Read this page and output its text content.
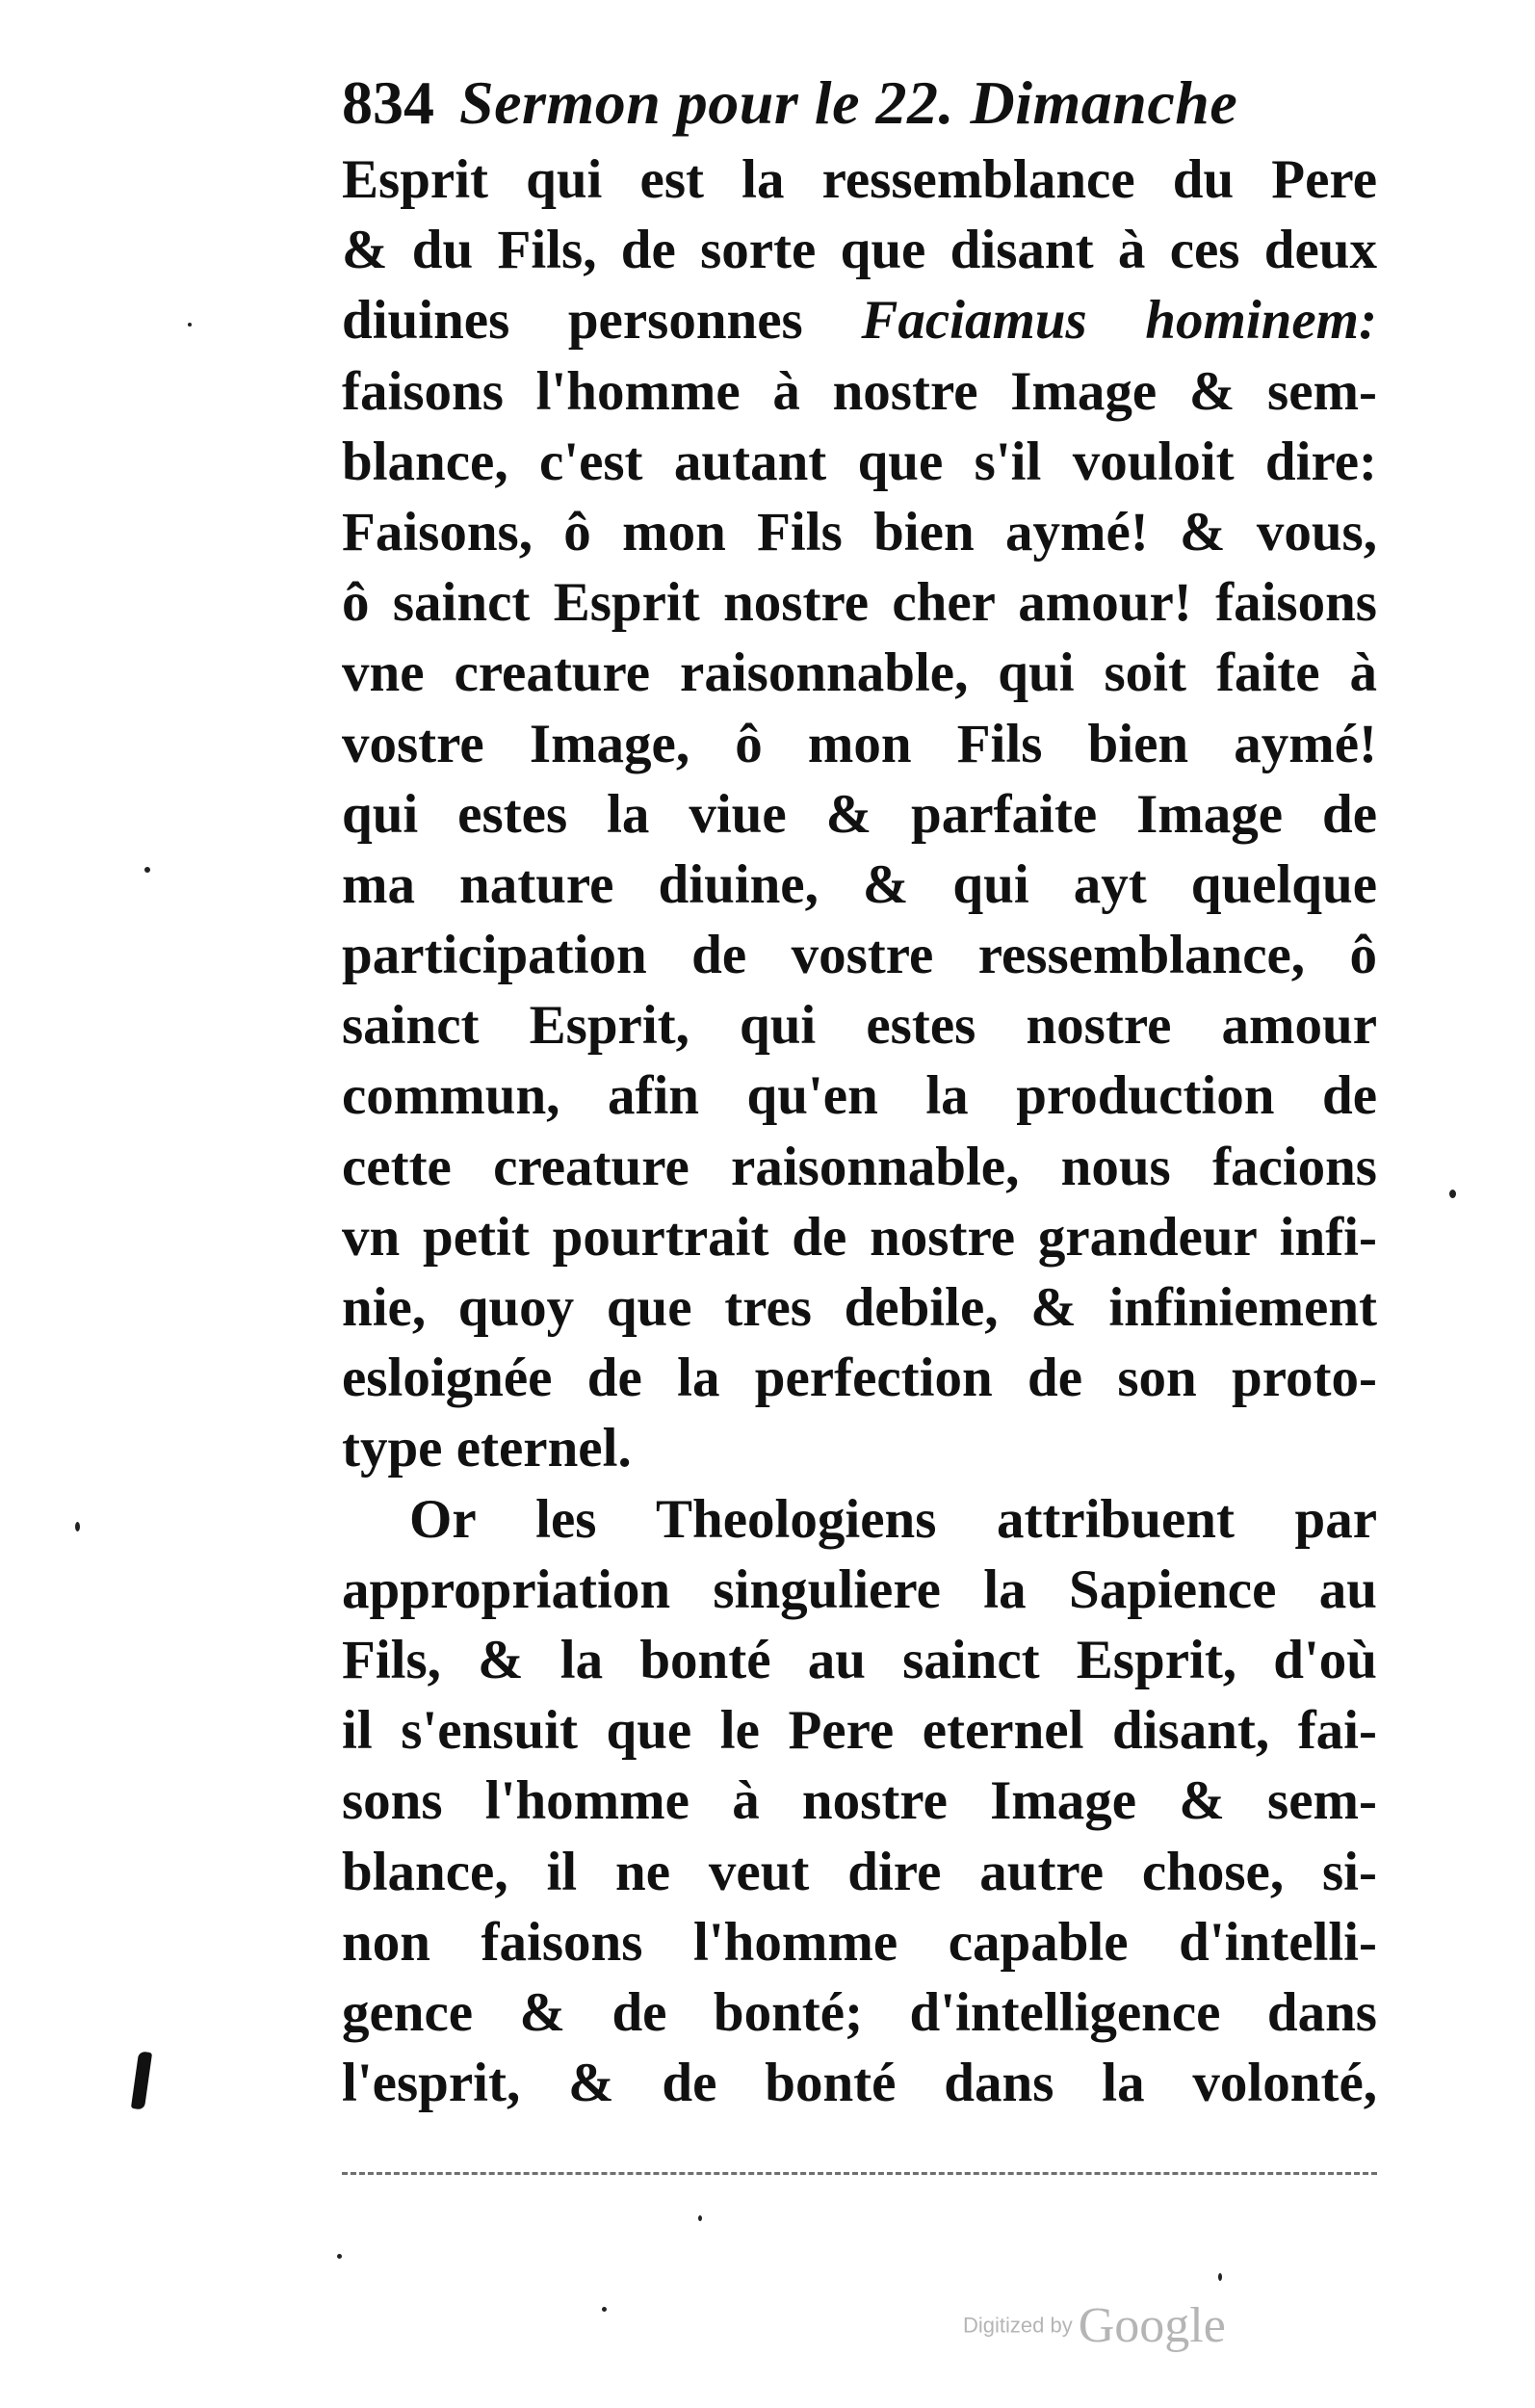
834 Sermon pour le 22. Dimanche
Esprit qui est la ressemblance du Pere
& du Fils, de sorte que disant à ces deux
diuines personnes Faciamus hominem:
faisons l'homme à nostre Image & sem-
blance, c'est autant que s'il vouloit dire:
Faisons, ô mon Fils bien aymé! & vous,
ô sainct Esprit nostre cher amour! faisons
vne creature raisonnable, qui soit faite à
vostre Image, ô mon Fils bien aymé!
qui estes la viue & parfaite Image de
ma nature diuine, & qui ayt quelque
participation de vostre ressemblance, ô
sainct Esprit, qui estes nostre amour
commun, afin qu'en la production de
cette creature raisonnable, nous facions
vn petit pourtrait de nostre grandeur infi-
nie, quoy que tres debile, & infiniement
esloignée de la perfection de son proto-
type eternel.
Or les Theologiens attribuent par
appropriation singuliere la Sapience au
Fils, & la bonté au sainct Esprit, d'où
il s'ensuit que le Pere eternel disant, fai-
sons l'homme à nostre Image & sem-
blance, il ne veut dire autre chose, si-
non faisons l'homme capable d'intelli-
gence & de bonté; d'intelligence dans
l'esprit, & de bonté dans la volonté,
Digitized by Google
